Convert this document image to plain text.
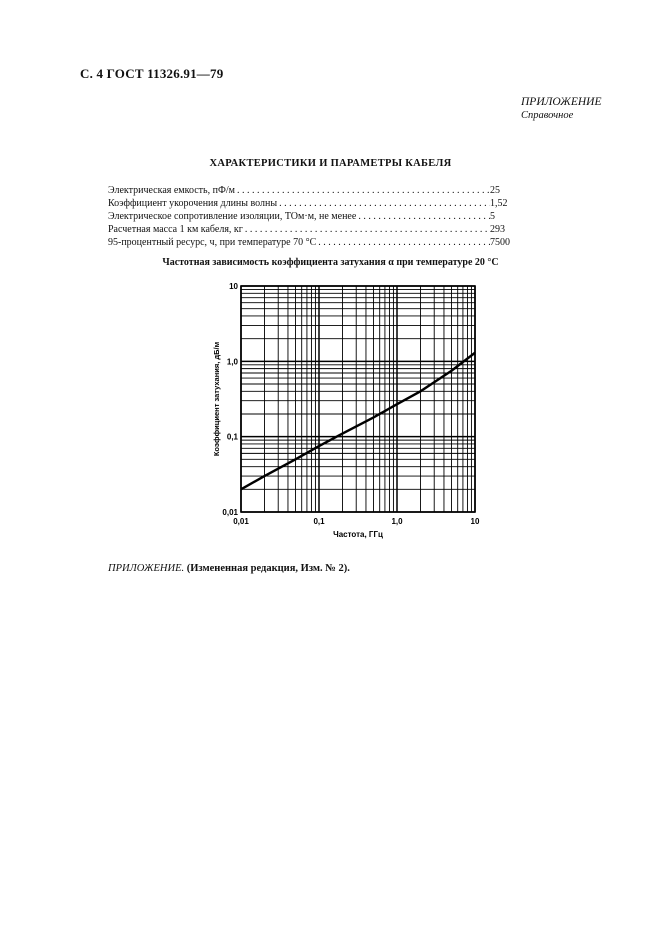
С. 4 ГОСТ 11326.91—79
ПРИЛОЖЕНИЕ
Справочное
ХАРАКТЕРИСТИКИ И ПАРАМЕТРЫ КАБЕЛЯ
Электрическая емкость, пФ/м . . .	25
Коэффициент укорочения длины волны . . .	1,52
Электрическое сопротивление изоляции, ТОм·м, не менее . . .	5
Расчетная масса 1 км кабеля, кг . . .	293
95-процентный ресурс, ч, при температуре 70 °С . . .	7500
Частотная зависимость коэффициента затухания α при температуре 20 °С
0,01	0,1	1,0	10
0,01
0,1
1,0
10
Частота, ГГц
Коэффициент затухания, дБ/м
ПРИЛОЖЕНИЕ. (Измененная редакция, Изм. № 2).
